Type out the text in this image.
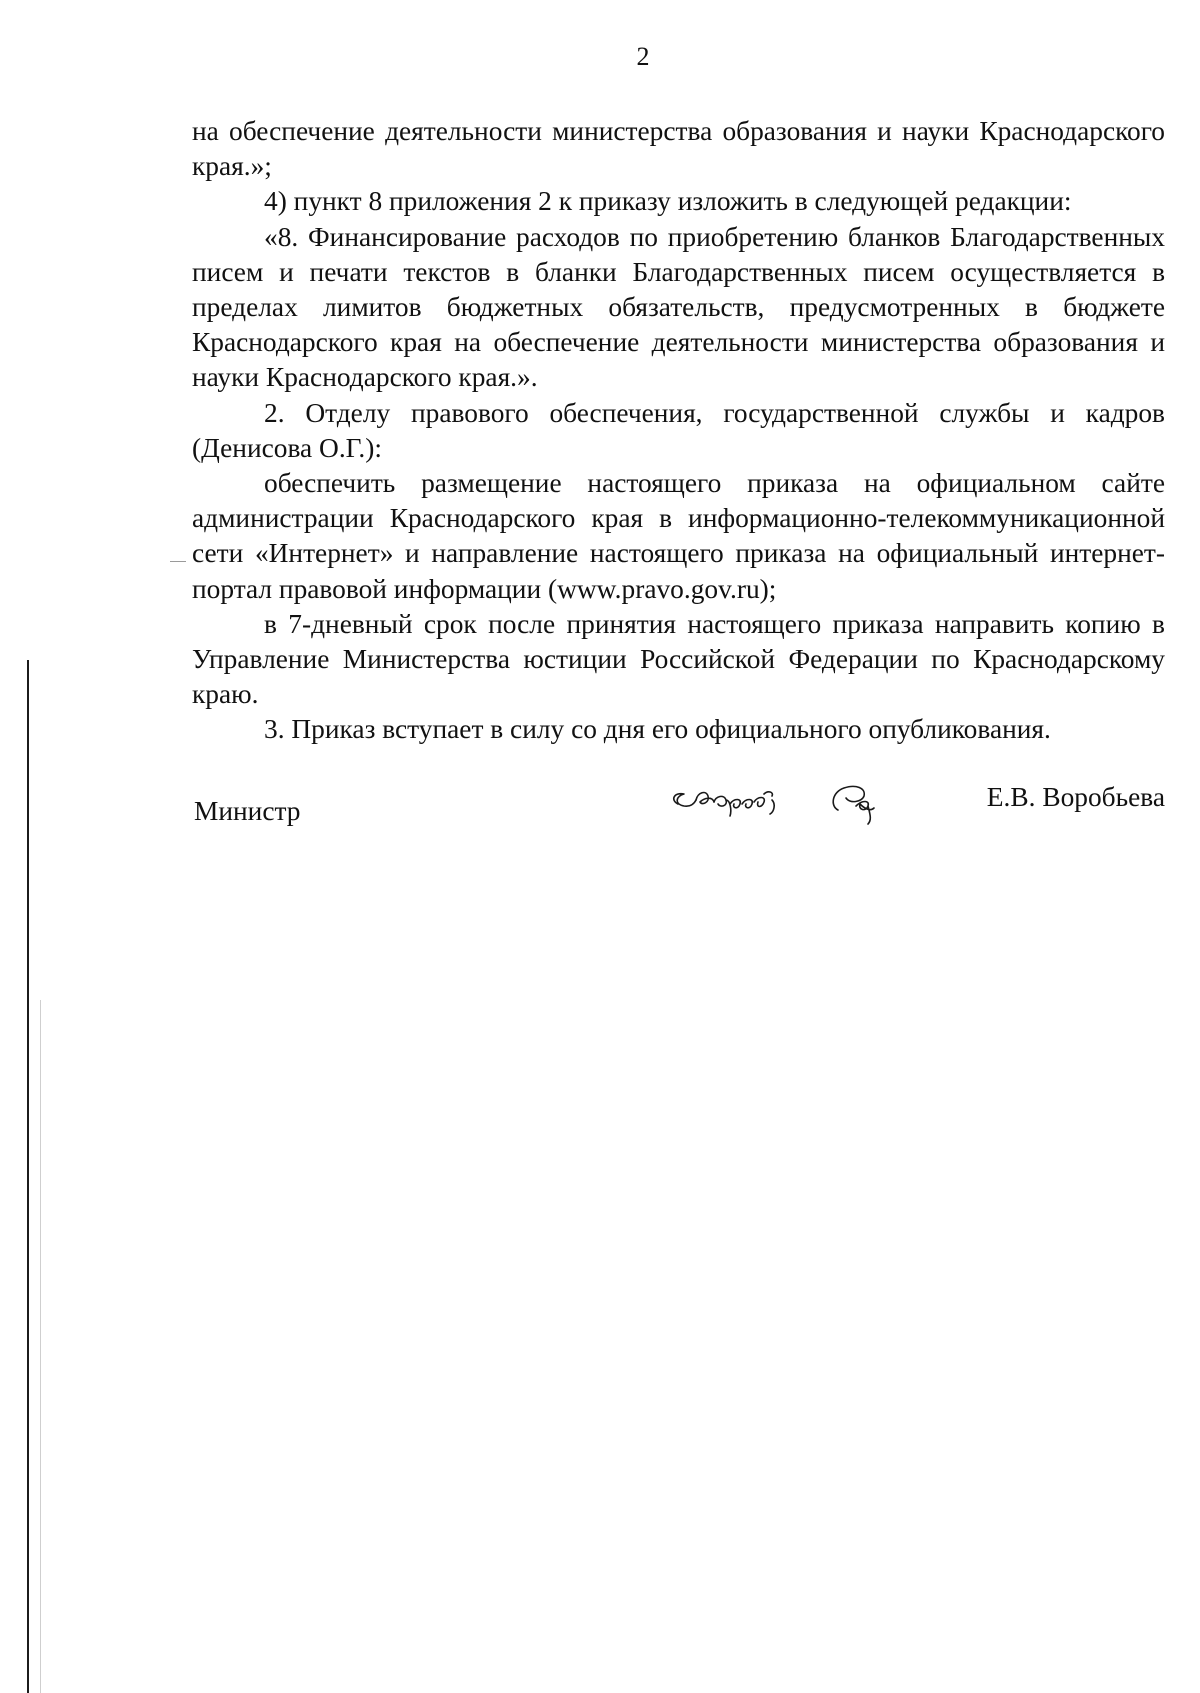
2

на обеспечение деятельности министерства образования и науки Краснодарского края.»;

4) пункт 8 приложения 2 к приказу изложить в следующей редакции:

«8. Финансирование расходов по приобретению бланков Благодарственных писем и печати текстов в бланки Благодарственных писем осуществляется в пределах лимитов бюджетных обязательств, предусмотренных в бюджете Краснодарского края на обеспечение деятельности министерства образования и науки Краснодарского края.».

2. Отделу правового обеспечения, государственной службы и кадров (Денисова О.Г.):

обеспечить размещение настоящего приказа на официальном сайте администрации Краснодарского края в информационно-телекоммуникационной сети «Интернет» и направление настоящего приказа на официальный интернет-портал правовой информации (www.pravo.gov.ru);

в 7-дневный срок после принятия настоящего приказа направить копию в Управление Министерства юстиции Российской Федерации по Краснодарскому краю.

3. Приказ вступает в силу со дня его официального опубликования.

Министр	Е.В. Воробьева
